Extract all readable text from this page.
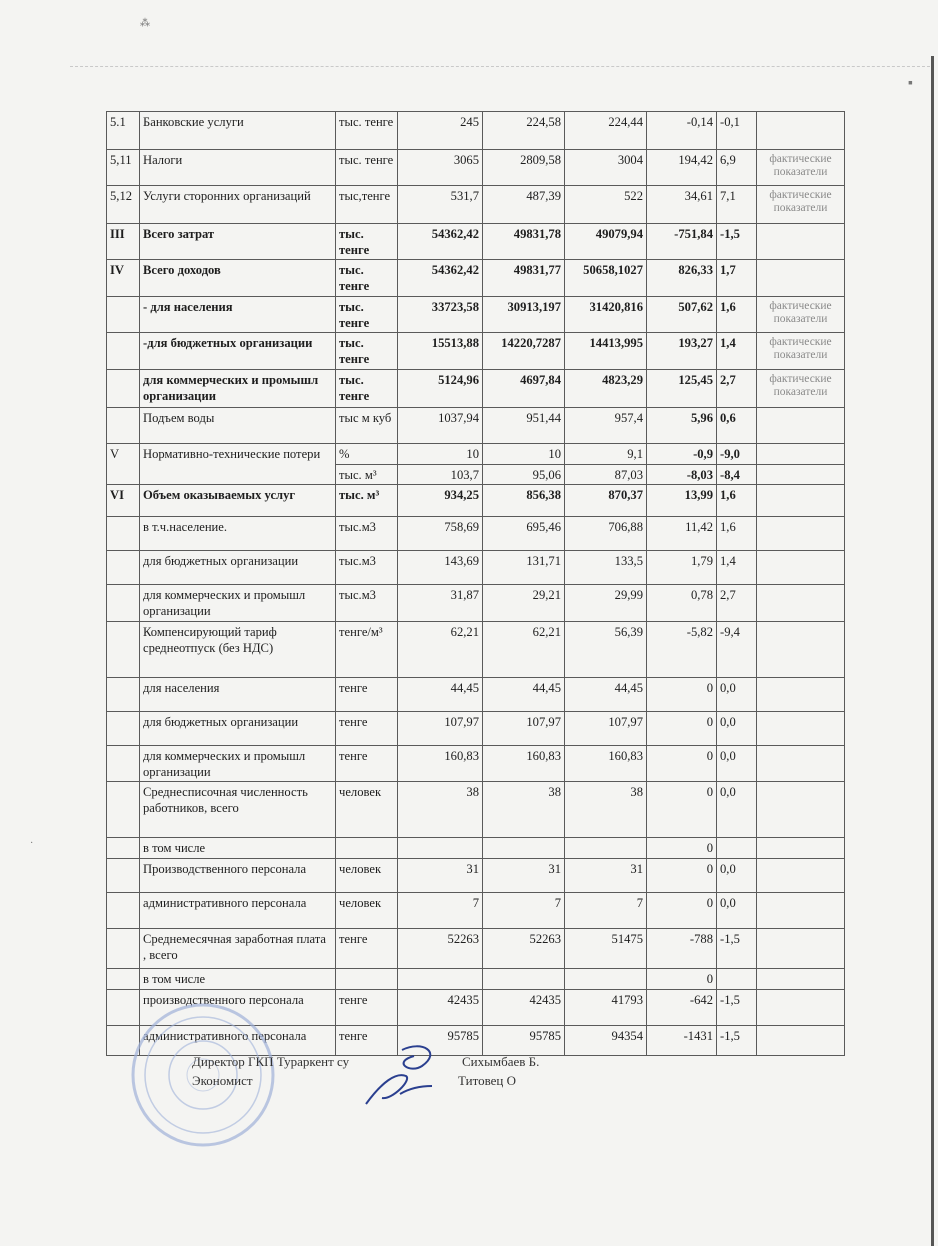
⁂
·
▪
5.1	Банковские услуги	тыс. тенге	245	224,58	224,44	-0,14	-0,1	
5,11	Налоги	тыс. тенге	3065	2809,58	3004	194,42	6,9	фактические показатели
5,12	Услуги сторонних организаций	тыс,тенге	531,7	487,39	522	34,61	7,1	фактические показатели
III	Всего затрат	тыс. тенге	54362,42	49831,78	49079,94	-751,84	-1,5	
IV	Всего доходов	тыс. тенге	54362,42	49831,77	50658,1027	826,33	1,7	
	- для населения	тыс. тенге	33723,58	30913,197	31420,816	507,62	1,6	фактические показатели
	-для бюджетных организации	тыс. тенге	15513,88	14220,7287	14413,995	193,27	1,4	фактические показатели
	для коммерческих и промышл организации	тыс. тенге	5124,96	4697,84	4823,29	125,45	2,7	фактические показатели
	Подъем воды	тыс м куб	1037,94	951,44	957,4	5,96	0,6	
V	Нормативно-технические потери	%	10	10	9,1	-0,9	-9,0	
		тыс. м³	103,7	95,06	87,03	-8,03	-8,4	
VI	Объем оказываемых услуг	тыс. м³	934,25	856,38	870,37	13,99	1,6	
	в т.ч.население.	тыс.м3	758,69	695,46	706,88	11,42	1,6	
	для бюджетных организации	тыс.м3	143,69	131,71	133,5	1,79	1,4	
	для коммерческих и промышл организации	тыс.м3	31,87	29,21	29,99	0,78	2,7	
	Компенсирующий тариф среднеотпуск (без НДС)	тенге/м³	62,21	62,21	56,39	-5,82	-9,4	
	для населения	тенге	44,45	44,45	44,45	0	0,0	
	для бюджетных организации	тенге	107,97	107,97	107,97	0	0,0	
	для коммерческих и промышл организации	тенге	160,83	160,83	160,83	0	0,0	
	Среднесписочная численность работников, всего	человек	38	38	38	0	0,0	
	в том числе					0		
	Производственного персонала	человек	31	31	31	0	0,0	
	административного персонала	человек	7	7	7	0	0,0	
	Среднемесячная заработная плата , всего	тенге	52263	52263	51475	-788	-1,5	
	в том числе					0		
	производственного персонала	тенге	42435	42435	41793	-642	-1,5	
	административного персонала	тенге	95785	95785	94354	-1431	-1,5	
Директор ГКП Тураркент су	Сихымбаев Б.
Экономист	Титовец О
